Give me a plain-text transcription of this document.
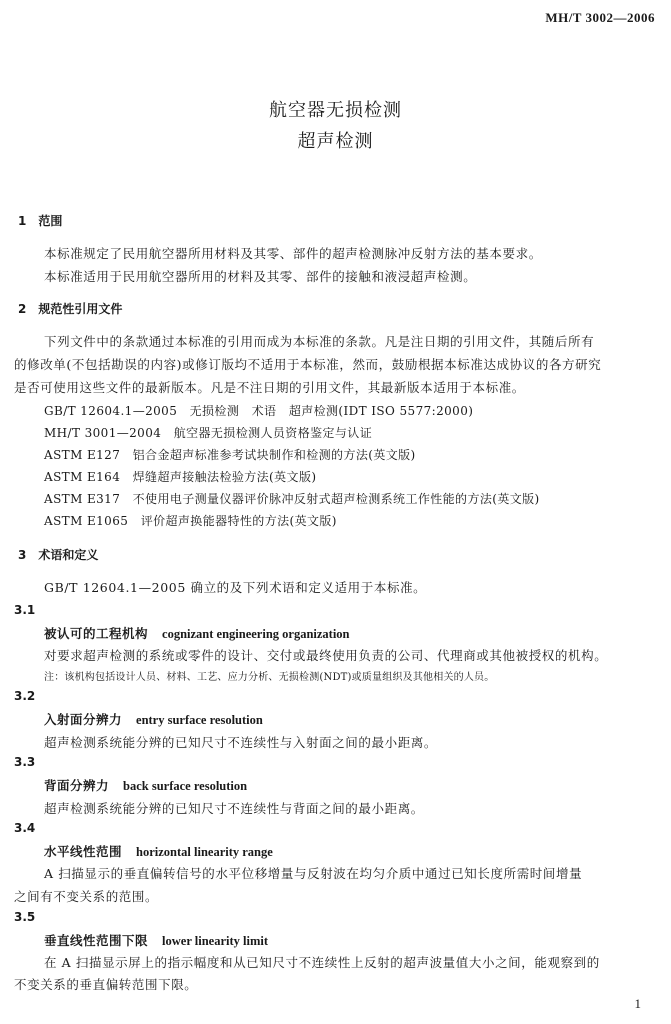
MH/T 3002—2006
航空器无损检测
超声检测
1　范围
本标准规定了民用航空器所用材料及其零、部件的超声检测脉冲反射方法的基本要求。
本标准适用于民用航空器所用的材料及其零、部件的接触和液浸超声检测。
2　规范性引用文件
下列文件中的条款通过本标准的引用而成为本标准的条款。凡是注日期的引用文件，其随后所有
的修改单(不包括勘误的内容)或修订版均不适用于本标准，然而，鼓励根据本标准达成协议的各方研究
是否可使用这些文件的最新版本。凡是不注日期的引用文件，其最新版本适用于本标准。
GB/T 12604.1—2005　无损检测　术语　超声检测(IDT ISO 5577:2000)
MH/T 3001—2004　航空器无损检测人员资格鉴定与认证
ASTM E127　铝合金超声标准参考试块制作和检测的方法(英文版)
ASTM E164　焊缝超声接触法检验方法(英文版)
ASTM E317　不使用电子测量仪器评价脉冲反射式超声检测系统工作性能的方法(英文版)
ASTM E1065　评价超声换能器特性的方法(英文版)
3　术语和定义
GB/T 12604.1—2005 确立的及下列术语和定义适用于本标准。
3.1
被认可的工程机构 cognizant engineering organization
对要求超声检测的系统或零件的设计、交付或最终使用负责的公司、代理商或其他被授权的机构。
注：该机构包括设计人员、材料、工艺、应力分析、无损检测(NDT)或质量组织及其他相关的人员。
3.2
入射面分辨力 entry surface resolution
超声检测系统能分辨的已知尺寸不连续性与入射面之间的最小距离。
3.3
背面分辨力 back surface resolution
超声检测系统能分辨的已知尺寸不连续性与背面之间的最小距离。
3.4
水平线性范围 horizontal linearity range
A 扫描显示的垂直偏转信号的水平位移增量与反射波在均匀介质中通过已知长度所需时间增量
之间有不变关系的范围。
3.5
垂直线性范围下限 lower linearity limit
在 A 扫描显示屏上的指示幅度和从已知尺寸不连续性上反射的超声波量值大小之间，能观察到的
不变关系的垂直偏转范围下限。
1
